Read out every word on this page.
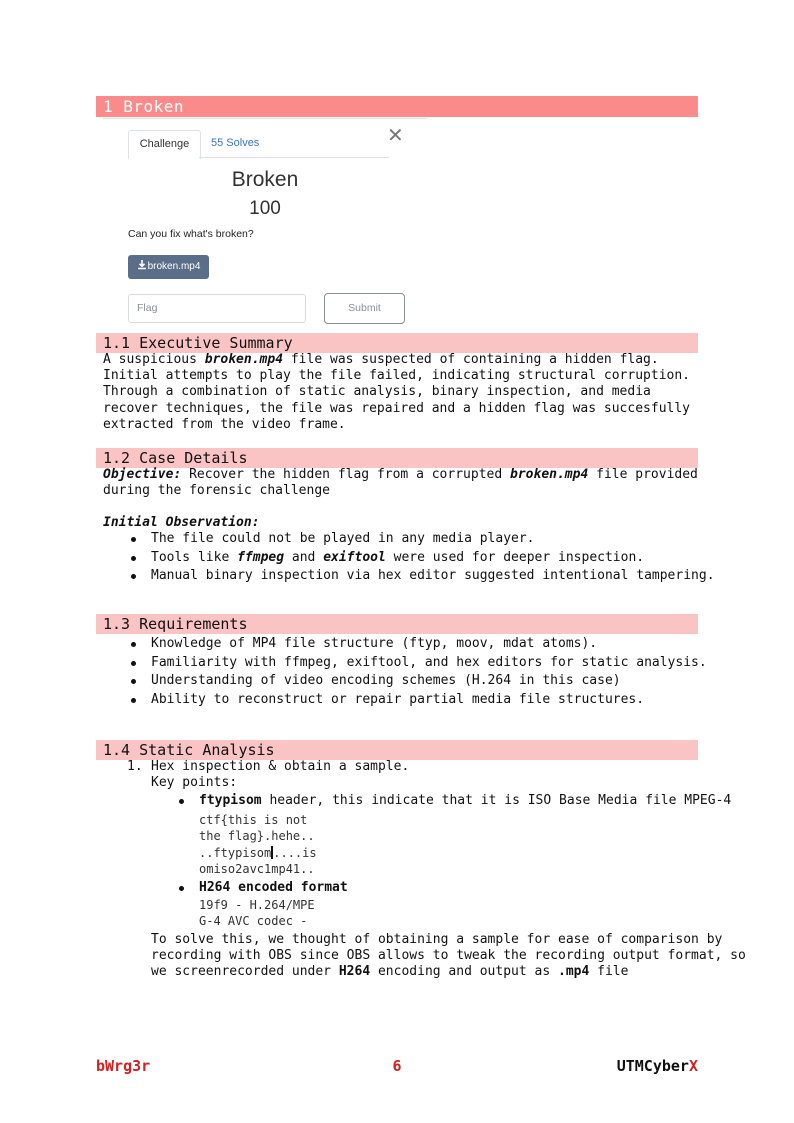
1 Broken
Challenge	55 Solves	✕
Broken
100
Can you fix what's broken?
broken.mp4
Flag	Submit
1.1 Executive Summary
A suspicious broken.mp4 file was suspected of containing a hidden flag. Initial attempts to play the file failed, indicating structural corruption. Through a combination of static analysis, binary inspection, and media recover techniques, the file was repaired and a hidden flag was succesfully extracted from the video frame.
1.2 Case Details
Objective: Recover the hidden flag from a corrupted broken.mp4 file provided during the forensic challenge
Initial Observation:
The file could not be played in any media player.
Tools like ffmpeg and exiftool were used for deeper inspection.
Manual binary inspection via hex editor suggested intentional tampering.
1.3 Requirements
Knowledge of MP4 file structure (ftyp, moov, mdat atoms).
Familiarity with ffmpeg, exiftool, and hex editors for static analysis.
Understanding of video encoding schemes (H.264 in this case)
Ability to reconstruct or repair partial media file structures.
1.4 Static Analysis
1. Hex inspection & obtain a sample.
Key points:
ftypisom header, this indicate that it is ISO Base Media file MPEG-4
ctf{this is not
the flag}.hehe..
..ftypisom ....is
omiso2avc1mp41..
H264 encoded format
19f9 - H.264/MPE
G-4 AVC codec -
To solve this, we thought of obtaining a sample for ease of comparison by recording with OBS since OBS allows to tweak the recording output format, so we screenrecorded under H264 encoding and output as .mp4 file
bWrg3r	6	UTMCyberX
